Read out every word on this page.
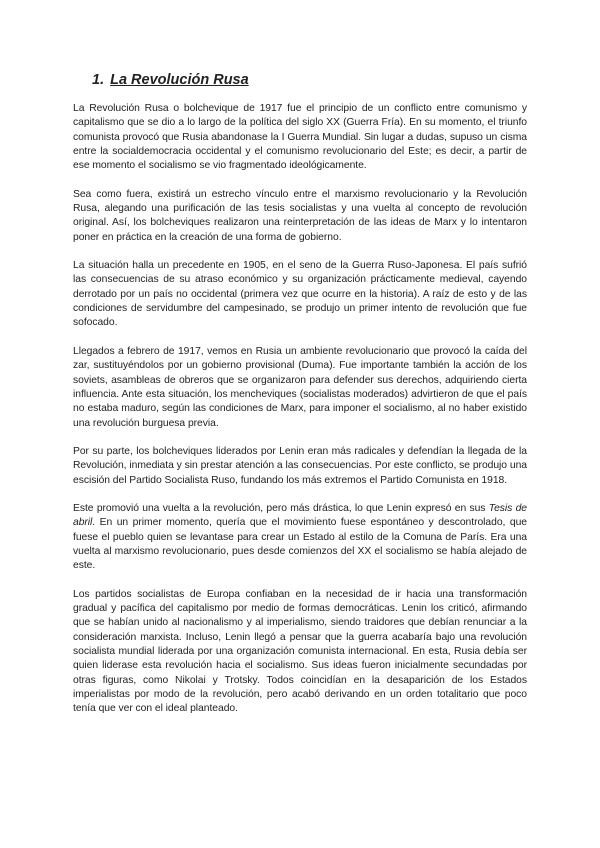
1. La Revolución Rusa

La Revolución Rusa o bolchevique de 1917 fue el principio de un conflicto entre comunismo y capitalismo que se dio a lo largo de la política del siglo XX (Guerra Fría). En su momento, el triunfo comunista provocó que Rusia abandonase la I Guerra Mundial. Sin lugar a dudas, supuso un cisma entre la socialdemocracia occidental y el comunismo revolucionario del Este; es decir, a partir de ese momento el socialismo se vio fragmentado ideológicamente.

Sea como fuera, existirá un estrecho vínculo entre el marxismo revolucionario y la Revolución Rusa, alegando una purificación de las tesis socialistas y una vuelta al concepto de revolución original. Así, los bolcheviques realizaron una reinterpretación de las ideas de Marx y lo intentaron poner en práctica en la creación de una forma de gobierno.

La situación halla un precedente en 1905, en el seno de la Guerra Ruso-Japonesa. El país sufrió las consecuencias de su atraso económico y su organización prácticamente medieval, cayendo derrotado por un país no occidental (primera vez que ocurre en la historia). A raíz de esto y de las condiciones de servidumbre del campesinado, se produjo un primer intento de revolución que fue sofocado.

Llegados a febrero de 1917, vemos en Rusia un ambiente revolucionario que provocó la caída del zar, sustituyéndolos por un gobierno provisional (Duma). Fue importante también la acción de los soviets, asambleas de obreros que se organizaron para defender sus derechos, adquiriendo cierta influencia. Ante esta situación, los mencheviques (socialistas moderados) advirtieron de que el país no estaba maduro, según las condiciones de Marx, para imponer el socialismo, al no haber existido una revolución burguesa previa.

Por su parte, los bolcheviques liderados por Lenin eran más radicales y defendían la llegada de la Revolución, inmediata y sin prestar atención a las consecuencias. Por este conflicto, se produjo una escisión del Partido Socialista Ruso, fundando los más extremos el Partido Comunista en 1918.

Este promovió una vuelta a la revolución, pero más drástica, lo que Lenin expresó en sus Tesis de abril. En un primer momento, quería que el movimiento fuese espontáneo y descontrolado, que fuese el pueblo quien se levantase para crear un Estado al estilo de la Comuna de París. Era una vuelta al marxismo revolucionario, pues desde comienzos del XX el socialismo se había alejado de este.

Los partidos socialistas de Europa confiaban en la necesidad de ir hacia una transformación gradual y pacífica del capitalismo por medio de formas democráticas. Lenin los criticó, afirmando que se habían unido al nacionalismo y al imperialismo, siendo traidores que debían renunciar a la consideración marxista. Incluso, Lenin llegó a pensar que la guerra acabaría bajo una revolución socialista mundial liderada por una organización comunista internacional. En esta, Rusia debía ser quien liderase esta revolución hacia el socialismo. Sus ideas fueron inicialmente secundadas por otras figuras, como Nikolai y Trotsky. Todos coincidían en la desaparición de los Estados imperialistas por modo de la revolución, pero acabó derivando en un orden totalitario que poco tenía que ver con el ideal planteado.
